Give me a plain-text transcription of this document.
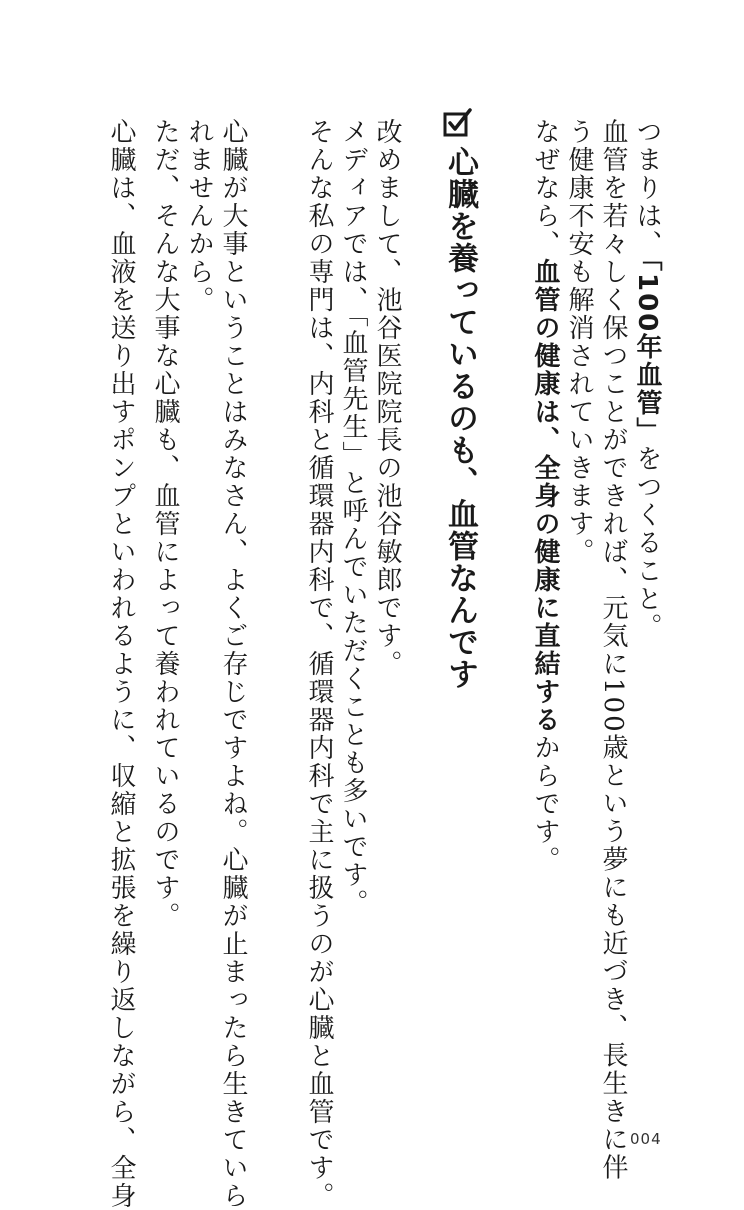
つまりは、「100年血管」をつくること。
血管を若々しく保つことができれば、元気に100歳という夢にも近づき、長生きに伴
う健康不安も解消されていきます。
なぜなら、血管の健康は、全身の健康に直結するからです。
心臓を養っているのも、血管なんです
改めまして、池谷医院院長の池谷敏郎です。
メディアでは、「血管先生」と呼んでいただくことも多いです。
そんな私の専門は、内科と循環器内科で、循環器内科で主に扱うのが心臓と血管です。
心臓が大事ということはみなさん、よくご存じですよね。心臓が止まったら生きていら
れませんから。
ただ、そんな大事な心臓も、血管によって養われているのです。
心臓は、血液を送り出すポンプといわれるように、収縮と拡張を繰り返しながら、全身	004
